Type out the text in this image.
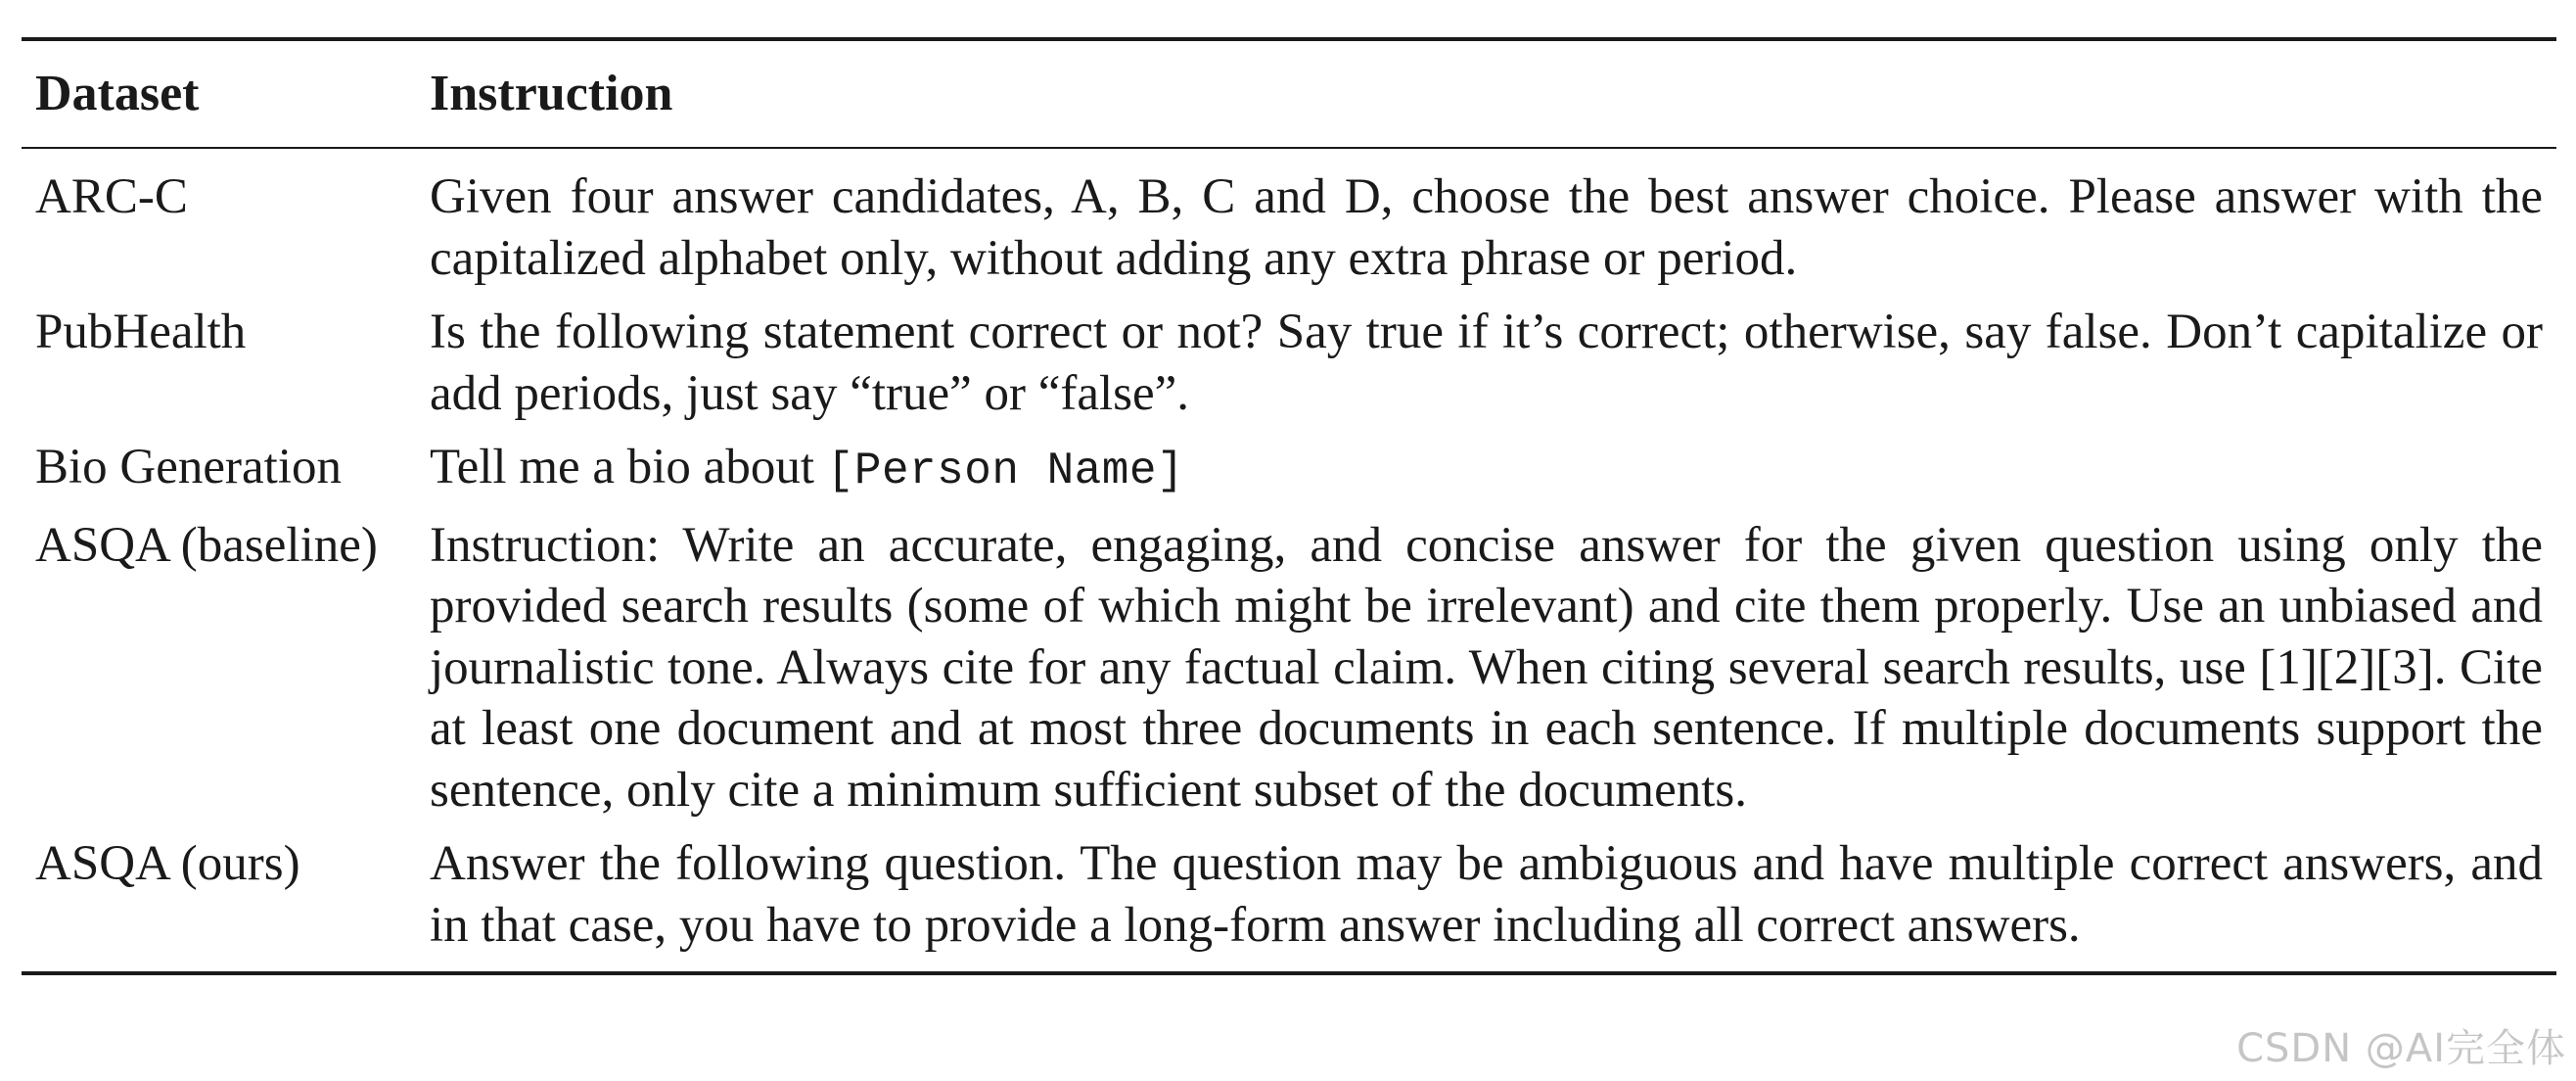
Dataset	Instruction
ARC-C	Given four answer candidates, A, B, C and D, choose the best answer choice. Please answer with the capitalized alphabet only, without adding any extra phrase or period.
PubHealth	Is the following statement correct or not? Say true if it’s correct; otherwise, say false. Don’t capitalize or add periods, just say “true” or “false”.
Bio Generation	Tell me a bio about [Person Name]
ASQA (baseline)	Instruction: Write an accurate, engaging, and concise answer for the given question using only the provided search results (some of which might be irrelevant) and cite them properly. Use an unbiased and journalistic tone. Always cite for any factual claim. When citing several search results, use [1][2][3]. Cite at least one document and at most three documents in each sentence. If multiple documents support the sentence, only cite a minimum sufficient subset of the documents.
ASQA (ours)	Answer the following question. The question may be ambiguous and have multiple correct answers, and in that case, you have to provide a long-form answer including all correct answers.
CSDN @AI完全体
